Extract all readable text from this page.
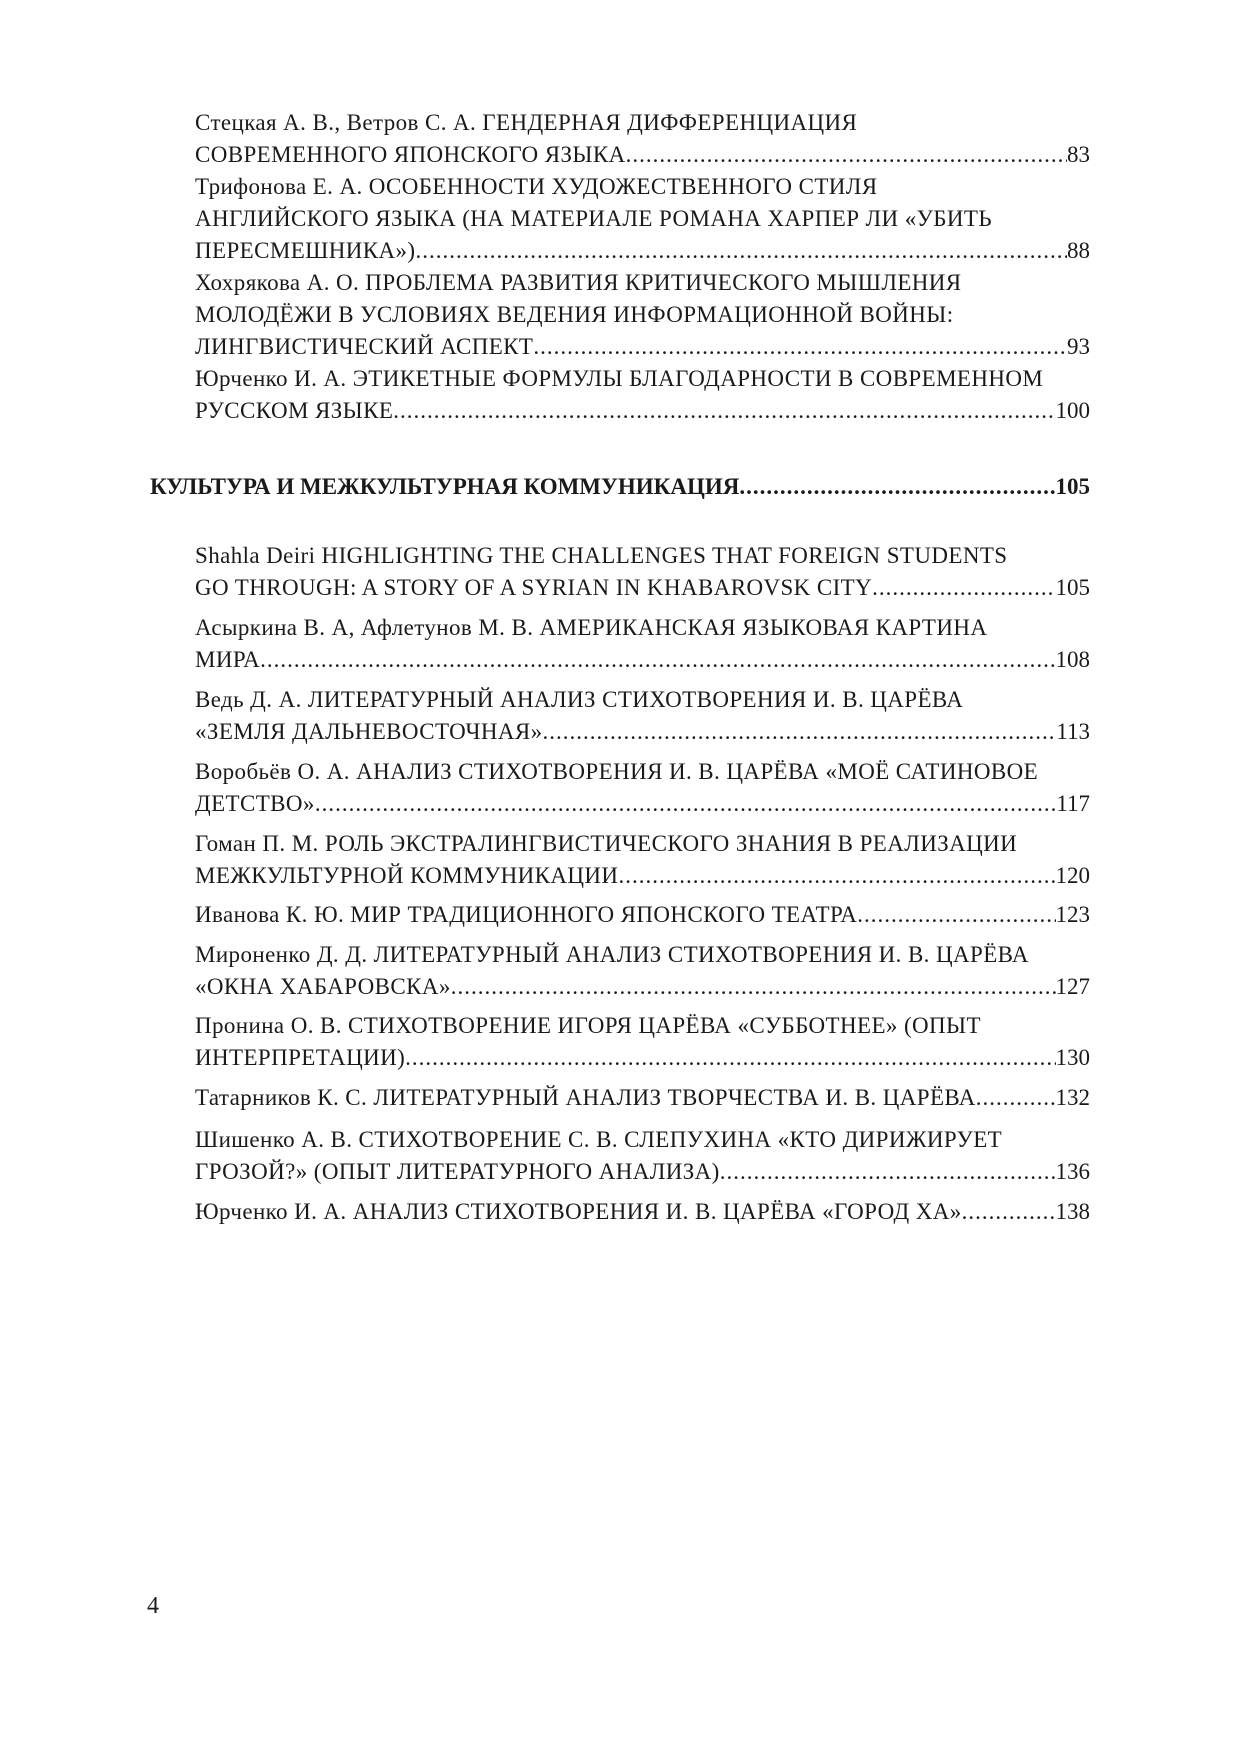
Стецкая А. В., Ветров С. А. ГЕНДЕРНАЯ ДИФФЕРЕНЦИАЦИЯ
СОВРЕМЕННОГО ЯПОНСКОГО ЯЗЫКА .....	83
Трифонова Е. А. ОСОБЕННОСТИ ХУДОЖЕСТВЕННОГО СТИЛЯ
АНГЛИЙСКОГО ЯЗЫКА (НА МАТЕРИАЛЕ РОМАНА ХАРПЕР ЛИ «УБИТЬ
ПЕРЕСМЕШНИКА») .....	88
Хохрякова А. О. ПРОБЛЕМА РАЗВИТИЯ КРИТИЧЕСКОГО МЫШЛЕНИЯ
МОЛОДЁЖИ В УСЛОВИЯХ ВЕДЕНИЯ ИНФОРМАЦИОННОЙ ВОЙНЫ:
ЛИНГВИСТИЧЕСКИЙ АСПЕКТ .....	93
Юрченко И. А. ЭТИКЕТНЫЕ ФОРМУЛЫ БЛАГОДАРНОСТИ В СОВРЕМЕННОМ
РУССКОМ ЯЗЫКЕ .....	100
КУЛЬТУРА И МЕЖКУЛЬТУРНАЯ КОММУНИКАЦИЯ .....	105
Shahla Deiri HIGHLIGHTING THE CHALLENGES THAT FOREIGN STUDENTS
GO THROUGH: A STORY OF A SYRIAN IN KHABAROVSK CITY .....	105
Асыркина В. А, Афлетунов М. В. АМЕРИКАНСКАЯ ЯЗЫКОВАЯ КАРТИНА
МИРА .....	108
Ведь Д. А. ЛИТЕРАТУРНЫЙ АНАЛИЗ СТИХОТВОРЕНИЯ И. В. ЦАРЁВА
«ЗЕМЛЯ ДАЛЬНЕВОСТОЧНАЯ» .....	113
Воробьёв О. А. АНАЛИЗ СТИХОТВОРЕНИЯ И. В. ЦАРЁВА «МОЁ САТИНОВОЕ
ДЕТСТВО» .....	117
Гоман П. М. РОЛЬ ЭКСТРАЛИНГВИСТИЧЕСКОГО ЗНАНИЯ В РЕАЛИЗАЦИИ
МЕЖКУЛЬТУРНОЙ КОММУНИКАЦИИ .....	120
Иванова К. Ю. МИР ТРАДИЦИОННОГО ЯПОНСКОГО ТЕАТРА .....	123
Мироненко Д. Д. ЛИТЕРАТУРНЫЙ АНАЛИЗ СТИХОТВОРЕНИЯ И. В. ЦАРЁВА
«ОКНА ХАБАРОВСКА» .....	127
Пронина О. В. СТИХОТВОРЕНИЕ ИГОРЯ ЦАРЁВА «СУББОТНЕЕ» (ОПЫТ
ИНТЕРПРЕТАЦИИ) .....	130
Татарников К. С. ЛИТЕРАТУРНЫЙ АНАЛИЗ ТВОРЧЕСТВА И. В. ЦАРЁВА .....	132
Шишенко А. В. СТИХОТВОРЕНИЕ С. В. СЛЕПУХИНА «КТО ДИРИЖИРУЕТ
ГРОЗОЙ?» (ОПЫТ ЛИТЕРАТУРНОГО АНАЛИЗА) .....	136
Юрченко И. А. АНАЛИЗ СТИХОТВОРЕНИЯ И. В. ЦАРЁВА «ГОРОД ХА» .....	138
4
